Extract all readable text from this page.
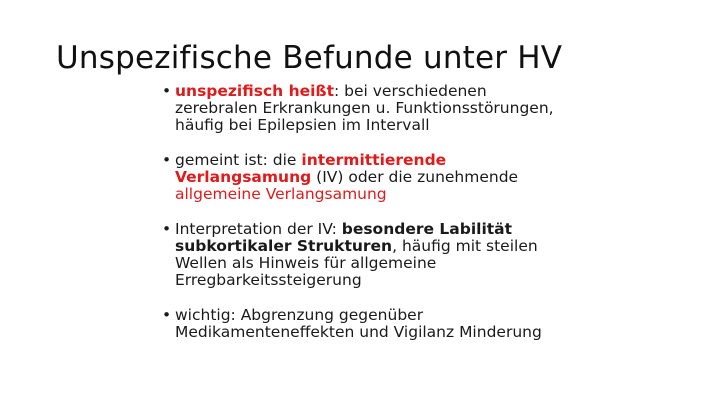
Unspezifische Befunde unter HV
• unspezifisch heißt: bei verschiedenen
zerebralen Erkrankungen u. Funktionsstörungen,
häufig bei Epilepsien im Intervall
• gemeint ist: die intermittierende
Verlangsamung (IV) oder die zunehmende
allgemeine Verlangsamung
• Interpretation der IV: besondere Labilität
subkortikaler Strukturen, häufig mit steilen
Wellen als Hinweis für allgemeine
Erregbarkeitssteigerung
• wichtig: Abgrenzung gegenüber
Medikamenteneffekten und Vigilanz Minderung
